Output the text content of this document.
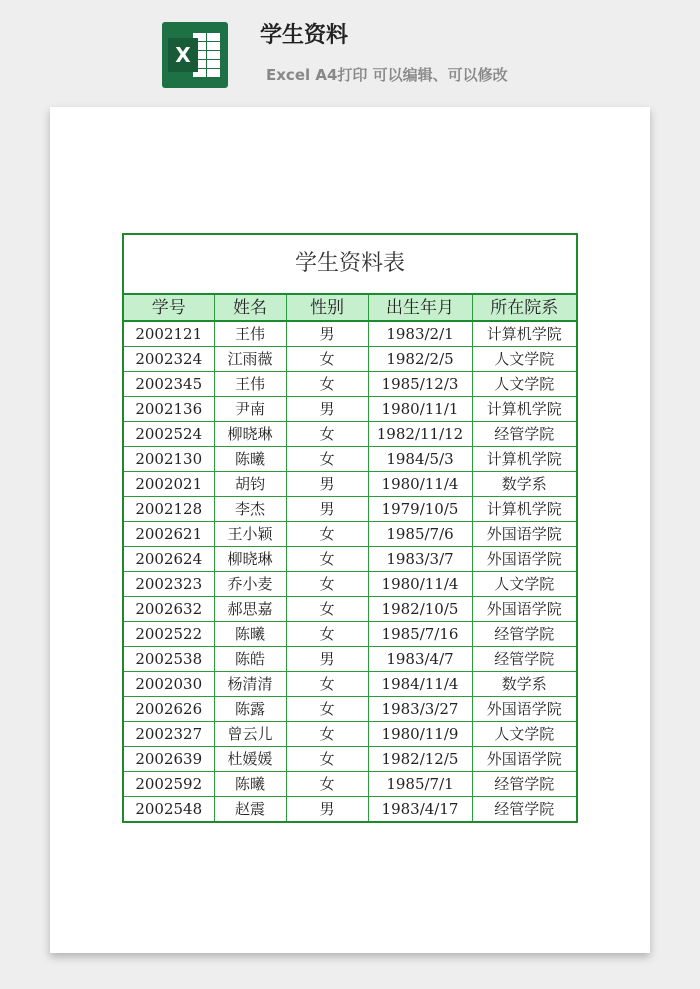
X
学生资料
Excel A4打印 可以编辑、可以修改
学生资料表
学号	姓名	性别	出生年月	所在院系
2002121	王伟	男	1983/2/1	计算机学院
2002324	江雨薇	女	1982/2/5	人文学院
2002345	王伟	女	1985/12/3	人文学院
2002136	尹南	男	1980/11/1	计算机学院
2002524	柳晓琳	女	1982/11/12	经管学院
2002130	陈曦	女	1984/5/3	计算机学院
2002021	胡钧	男	1980/11/4	数学系
2002128	李杰	男	1979/10/5	计算机学院
2002621	王小颖	女	1985/7/6	外国语学院
2002624	柳晓琳	女	1983/3/7	外国语学院
2002323	乔小麦	女	1980/11/4	人文学院
2002632	郝思嘉	女	1982/10/5	外国语学院
2002522	陈曦	女	1985/7/16	经管学院
2002538	陈皓	男	1983/4/7	经管学院
2002030	杨清清	女	1984/11/4	数学系
2002626	陈露	女	1983/3/27	外国语学院
2002327	曾云儿	女	1980/11/9	人文学院
2002639	杜媛媛	女	1982/12/5	外国语学院
2002592	陈曦	女	1985/7/1	经管学院
2002548	赵震	男	1983/4/17	经管学院
